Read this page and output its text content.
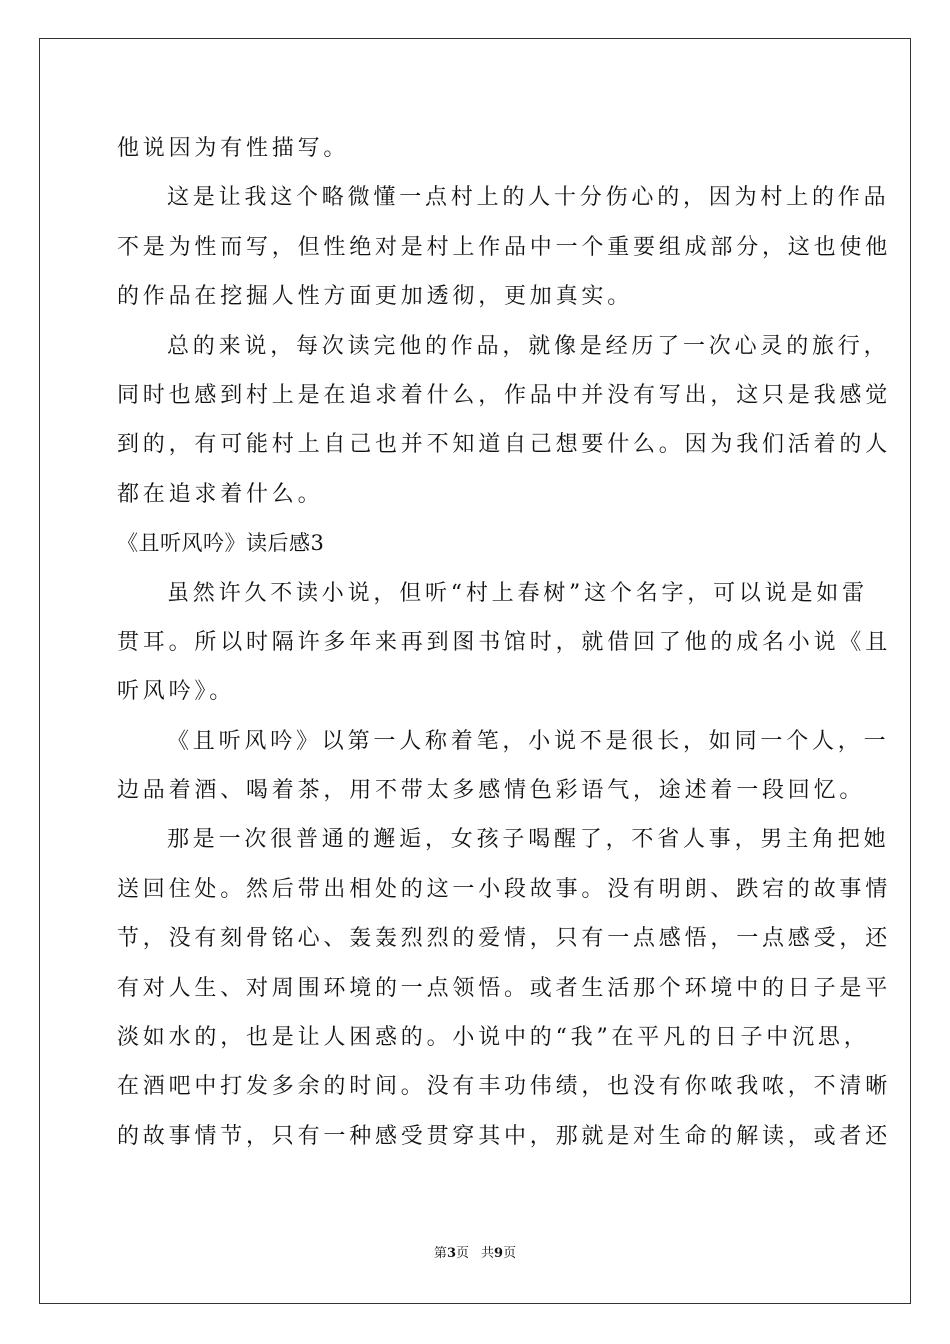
他说因为有性描写。
这是让我这个略微懂一点村上的人十分伤心的，因为村上的作品
不是为性而写，但性绝对是村上作品中一个重要组成部分，这也使他
的作品在挖掘人性方面更加透彻，更加真实。
总的来说，每次读完他的作品，就像是经历了一次心灵的旅行，
同时也感到村上是在追求着什么，作品中并没有写出，这只是我感觉
到的，有可能村上自己也并不知道自己想要什么。因为我们活着的人
都在追求着什么。
《且听风吟》读后感3
虽然许久不读小说，但听“村上春树”这个名字，可以说是如雷
贯耳。所以时隔许多年来再到图书馆时，就借回了他的成名小说《且
听风吟》。
《且听风吟》以第一人称着笔，小说不是很长，如同一个人，一
边品着酒、喝着茶，用不带太多感情色彩语气，途述着一段回忆。
那是一次很普通的邂逅，女孩子喝醒了，不省人事，男主角把她
送回住处。然后带出相处的这一小段故事。没有明朗、跌宕的故事情
节，没有刻骨铭心、轰轰烈烈的爱情，只有一点感悟，一点感受，还
有对人生、对周围环境的一点领悟。或者生活那个环境中的日子是平
淡如水的，也是让人困惑的。小说中的“我”在平凡的日子中沉思，
在酒吧中打发多余的时间。没有丰功伟绩，也没有你哝我哝，不清晰
的故事情节，只有一种感受贯穿其中，那就是对生命的解读，或者还
第3页 共9页
